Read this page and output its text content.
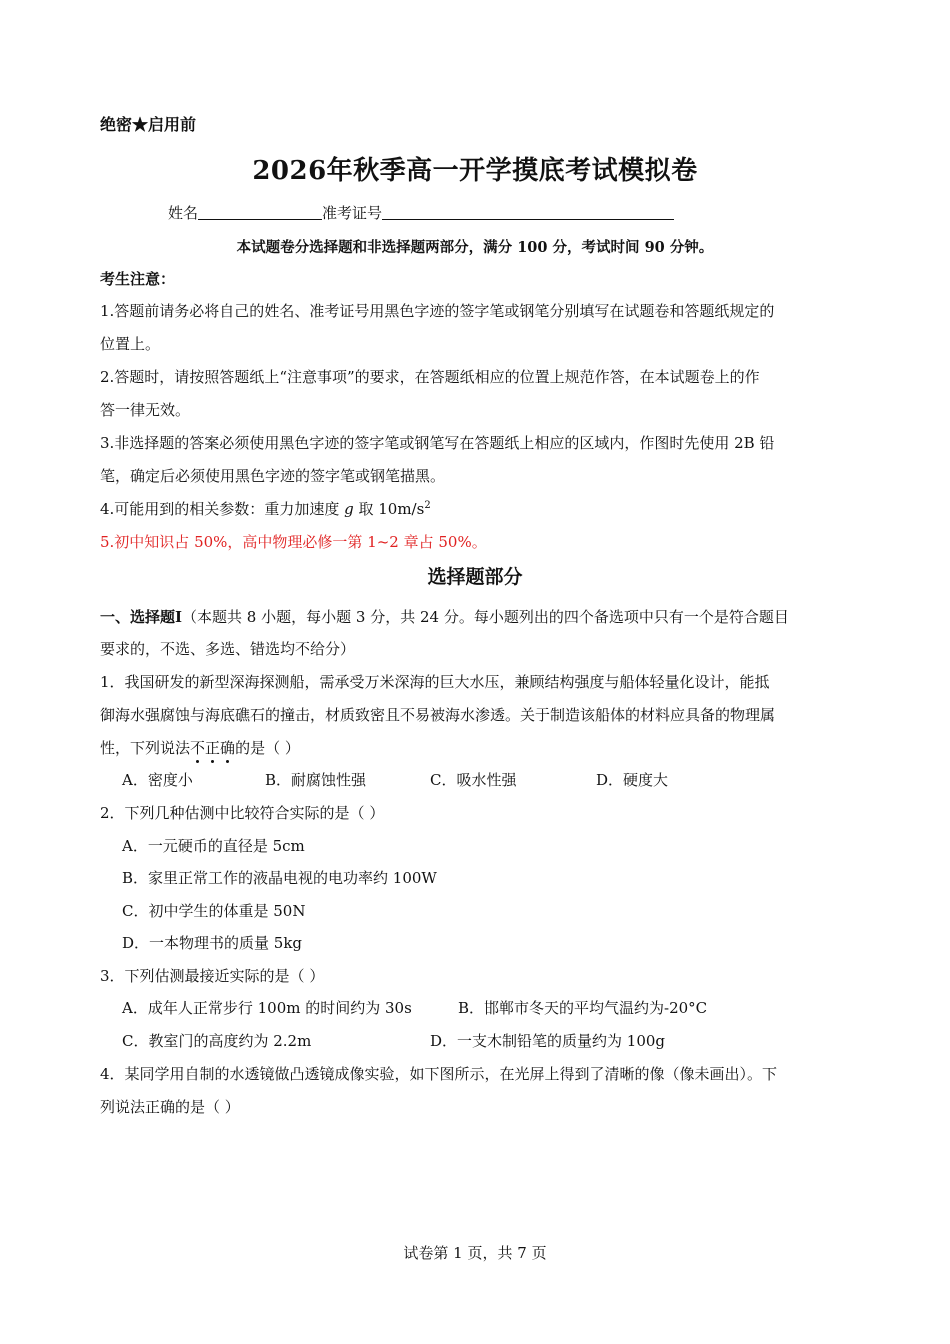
绝密★启用前
2026年秋季高一开学摸底考试模拟卷
姓名	准考证号
本试题卷分选择题和非选择题两部分，满分 100 分，考试时间 90 分钟。
考生注意：
1.答题前请务必将自己的姓名、准考证号用黑色字迹的签字笔或钢笔分别填写在试题卷和答题纸规定的
位置上。
2.答题时，请按照答题纸上“注意事项”的要求，在答题纸相应的位置上规范作答，在本试题卷上的作
答一律无效。
3.非选择题的答案必须使用黑色字迹的签字笔或钢笔写在答题纸上相应的区域内，作图时先使用 2B 铅
笔，确定后必须使用黑色字迹的签字笔或钢笔描黑。
4.可能用到的相关参数：重力加速度 g 取 $10m/s^2$
5.初中知识占 50%，高中物理必修一第 1~2 章占 50%。
选择题部分
一、选择题I（本题共 8 小题，每小题 3 分，共 24 分。每小题列出的四个备选项中只有一个是符合题目
要求的，不选、多选、错选均不给分）
1．我国研发的新型深海探测船，需承受万米深海的巨大水压，兼顾结构强度与船体轻量化设计，能抵
御海水强腐蚀与海底礁石的撞击，材质致密且不易被海水渗透。关于制造该船体的材料应具备的物理属
性，下列说法不正确的是（ ）
A．密度小	B．耐腐蚀性强	C．吸水性强	D．硬度大
2．下列几种估测中比较符合实际的是（ ）
A．一元硬币的直径是 5cm
B．家里正常工作的液晶电视的电功率约 100W
C．初中学生的体重是 50N
D．一本物理书的质量 5kg
3．下列估测最接近实际的是（ ）
A．成年人正常步行 100m 的时间约为 30s	B．邯郸市冬天的平均气温约为-20°C
C．教室门的高度约为 2.2m	D．一支木制铅笔的质量约为 100g
4．某同学用自制的水透镜做凸透镜成像实验，如下图所示，在光屏上得到了清晰的像（像未画出）。下
列说法正确的是（ ）
试卷第 1 页，共 7 页
